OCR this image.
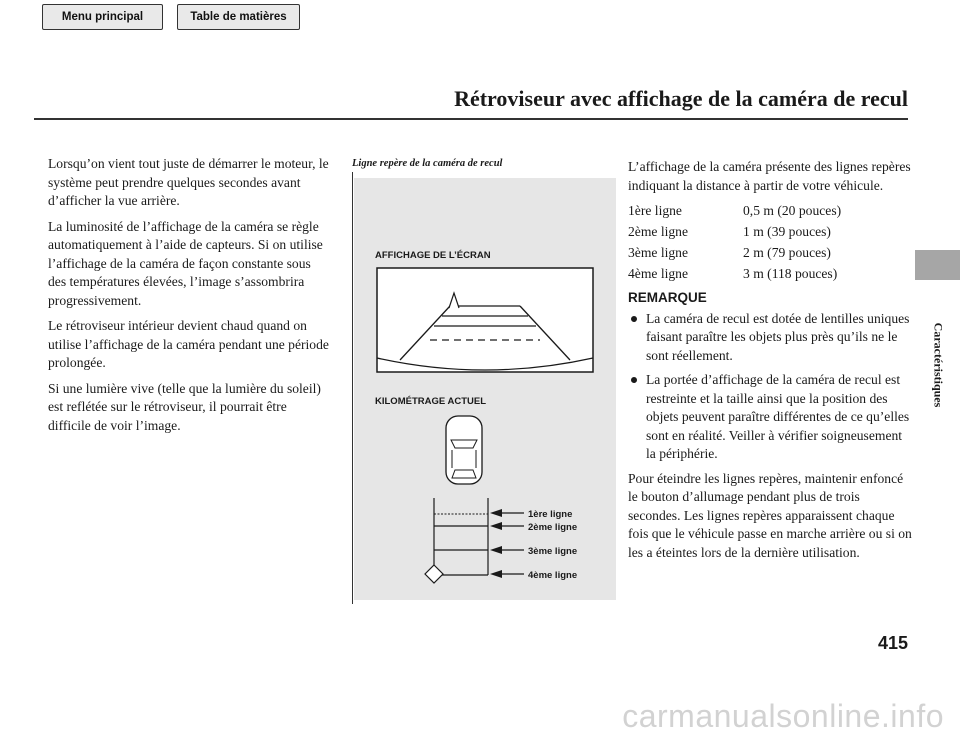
Menu principal	Table de matières
Rétroviseur avec affichage de la caméra de recul
Caractéristiques

Lorsqu’on vient tout juste de démarrer le moteur, le système peut prendre quelques secondes avant d’afficher la vue arrière.

La luminosité de l’affichage de la caméra se règle automatiquement à l’aide de capteurs. Si on utilise l’affichage de la caméra de façon constante sous des températures élevées, l’image s’assombrira progressivement.

Le rétroviseur intérieur devient chaud quand on utilise l’affichage de la caméra pendant une période prolongée.

Si une lumière vive (telle que la lumière du soleil) est reflétée sur le rétroviseur, il pourrait être difficile de voir l’image.

Ligne repère de la caméra de recul
AFFICHAGE DE L’ÉCRAN
KILOMÉTRAGE ACTUEL
1ère ligne
2ème ligne
3ème ligne
4ème ligne

L’affichage de la caméra présente des lignes repères indiquant la distance à partir de votre véhicule.

1ère ligne	0,5 m (20 pouces)
2ème ligne	1 m (39 pouces)
3ème ligne	2 m (79 pouces)
4ème ligne	3 m (118 pouces)
REMARQUE
La caméra de recul est dotée de lentilles uniques faisant paraître les objets plus près qu’ils ne le sont réellement.
La portée d’affichage de la caméra de recul est restreinte et la taille ainsi que la position des objets peuvent paraître différentes de ce qu’elles sont en réalité. Veiller à vérifier soigneusement la périphérie.

Pour éteindre les lignes repères, maintenir enfoncé le bouton d’allumage pendant plus de trois secondes. Les lignes repères apparaissent chaque fois que le véhicule passe en marche arrière ou si on les a éteintes lors de la dernière utilisation.

415
carmanualsonline.info
